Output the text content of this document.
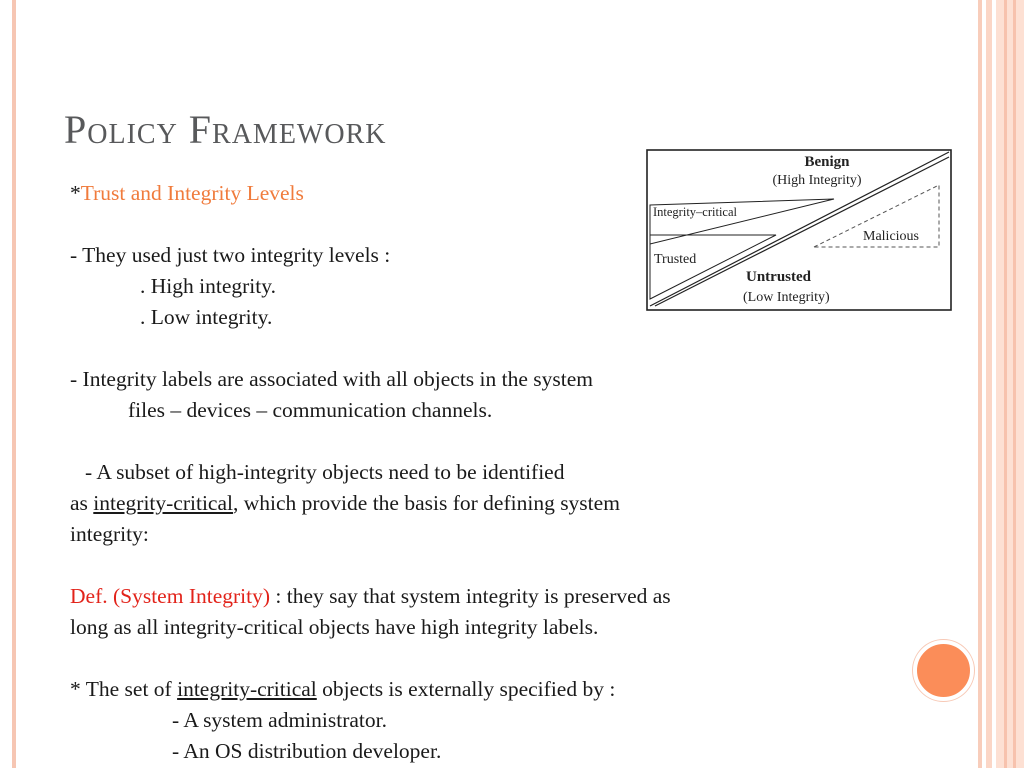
Policy Framework
*Trust and Integrity Levels
- They used just two integrity levels :
. High integrity.
. Low integrity.
- Integrity labels are associated with all objects in the system
files – devices – communication channels.
- A subset of high-integrity objects need to be identified
as integrity-critical, which provide the basis for defining system
integrity:
Def. (System Integrity) : they say that system integrity is preserved as
long as all integrity-critical objects have high integrity labels.
* The set of integrity-critical objects is externally specified by :
- A system administrator.
- An OS distribution developer.
Benign
(High Integrity)
Integrity–critical
Malicious
Trusted
Untrusted
(Low Integrity)
